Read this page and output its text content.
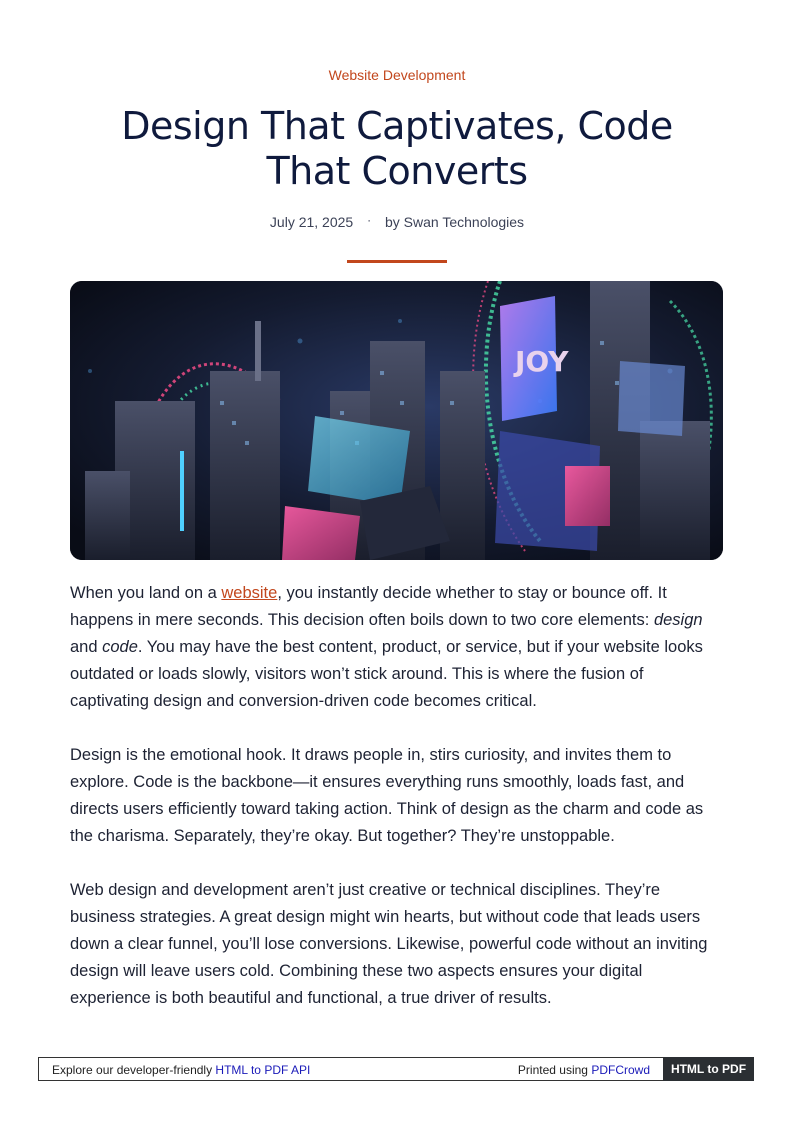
Website Development
Design That Captivates, Code That Converts
July 21, 2025 · by Swan Technologies
JOY

When you land on a website, you instantly decide whether to stay or bounce off. It happens in mere seconds. This decision often boils down to two core elements: design and code. You may have the best content, product, or service, but if your website looks outdated or loads slowly, visitors won’t stick around. This is where the fusion of captivating design and conversion-driven code becomes critical.

Design is the emotional hook. It draws people in, stirs curiosity, and invites them to explore. Code is the backbone—it ensures everything runs smoothly, loads fast, and directs users efficiently toward taking action. Think of design as the charm and code as the charisma. Separately, they’re okay. But together? They’re unstoppable.

Web design and development aren’t just creative or technical disciplines. They’re business strategies. A great design might win hearts, but without code that leads users down a clear funnel, you’ll lose conversions. Likewise, powerful code without an inviting design will leave users cold. Combining these two aspects ensures your digital experience is both beautiful and functional, a true driver of results.

Explore our developer-friendly HTML to PDF API	Printed using PDFCrowd	HTML to PDF
